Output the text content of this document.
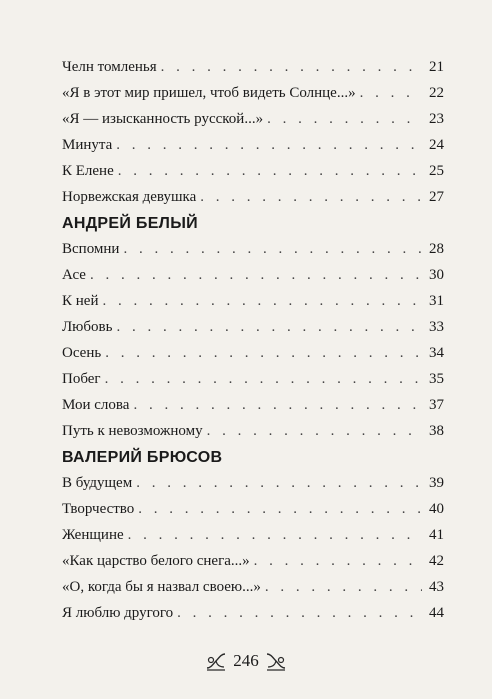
Челн томленья . . .	21
«Я в этот мир пришел, чтоб видеть Солнце...» . . .	22
«Я — изысканность русской...» . . .	23
Минута . . .	24
К Елене . . .	25
Норвежская девушка . . .	27
АНДРЕЙ БЕЛЫЙ
Вспомни . . .	28
Асе . . .	30
К ней . . .	31
Любовь . . .	33
Осень . . .	34
Побег . . .	35
Мои слова . . .	37
Путь к невозможному . . .	38
ВАЛЕРИЙ БРЮСОВ
В будущем . . .	39
Творчество . . .	40
Женщине . . .	41
«Как царство белого снега...» . . .	42
«О, когда бы я назвал своею...» . . .	43
Я люблю другого . . .	44
246
